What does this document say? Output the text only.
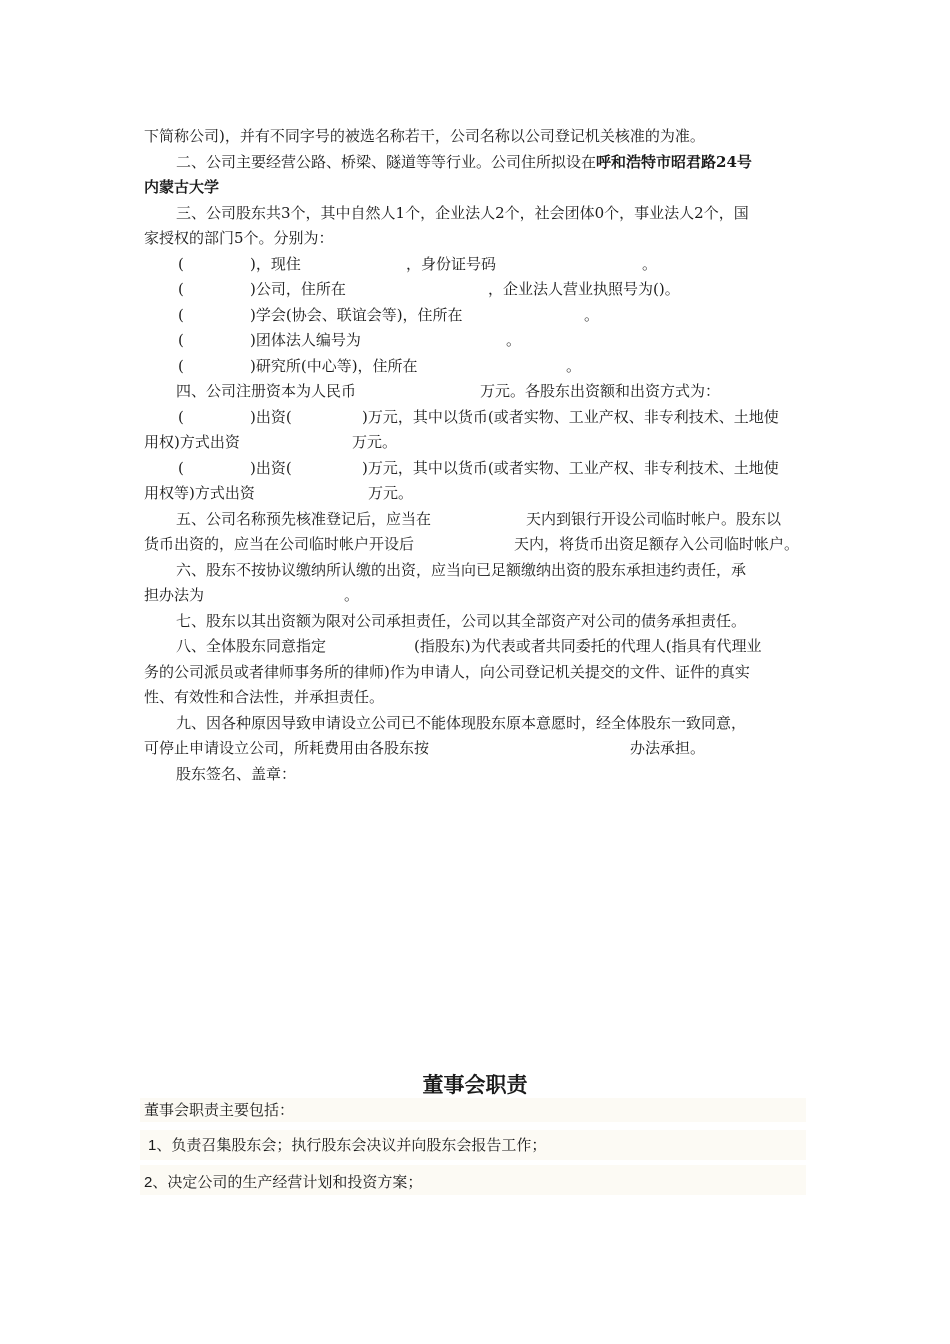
下简称公司)，并有不同字号的被选名称若干，公司名称以公司登记机关核准的为准。
二、公司主要经营公路、桥梁、隧道等等行业。公司住所拟设在呼和浩特市昭君路24号
内蒙古大学
三、公司股东共3个，其中自然人1个，企业法人2个，社会团体0个，事业法人2个，国
家授权的部门5个。分别为：
(	)，现住	，身份证号码	。
(	)公司，住所在	，企业法人营业执照号为()。
(	)学会(协会、联谊会等)，住所在	。
(	)团体法人编号为	。
(	)研究所(中心等)，住所在	。
四、公司注册资本为人民币	万元。各股东出资额和出资方式为：
(	)出资(	)万元，其中以货币(或者实物、工业产权、非专利技术、土地使
用权)方式出资	万元。
(	)出资(	)万元，其中以货币(或者实物、工业产权、非专利技术、土地使
用权等)方式出资	万元。
五、公司名称预先核准登记后，应当在	天内到银行开设公司临时帐户。股东以
货币出资的，应当在公司临时帐户开设后	天内，将货币出资足额存入公司临时帐户。
六、股东不按协议缴纳所认缴的出资，应当向已足额缴纳出资的股东承担违约责任，承
担办法为	。
七、股东以其出资额为限对公司承担责任，公司以其全部资产对公司的债务承担责任。
八、全体股东同意指定	(指股东)为代表或者共同委托的代理人(指具有代理业
务的公司派员或者律师事务所的律师)作为申请人，向公司登记机关提交的文件、证件的真实
性、有效性和合法性，并承担责任。
九、因各种原因导致申请设立公司已不能体现股东原本意愿时，经全体股东一致同意，
可停止申请设立公司，所耗费用由各股东按	办法承担。
股东签名、盖章：
董事会职责
董事会职责主要包括：
1、负责召集股东会；执行股东会决议并向股东会报告工作；
2、决定公司的生产经营计划和投资方案；
